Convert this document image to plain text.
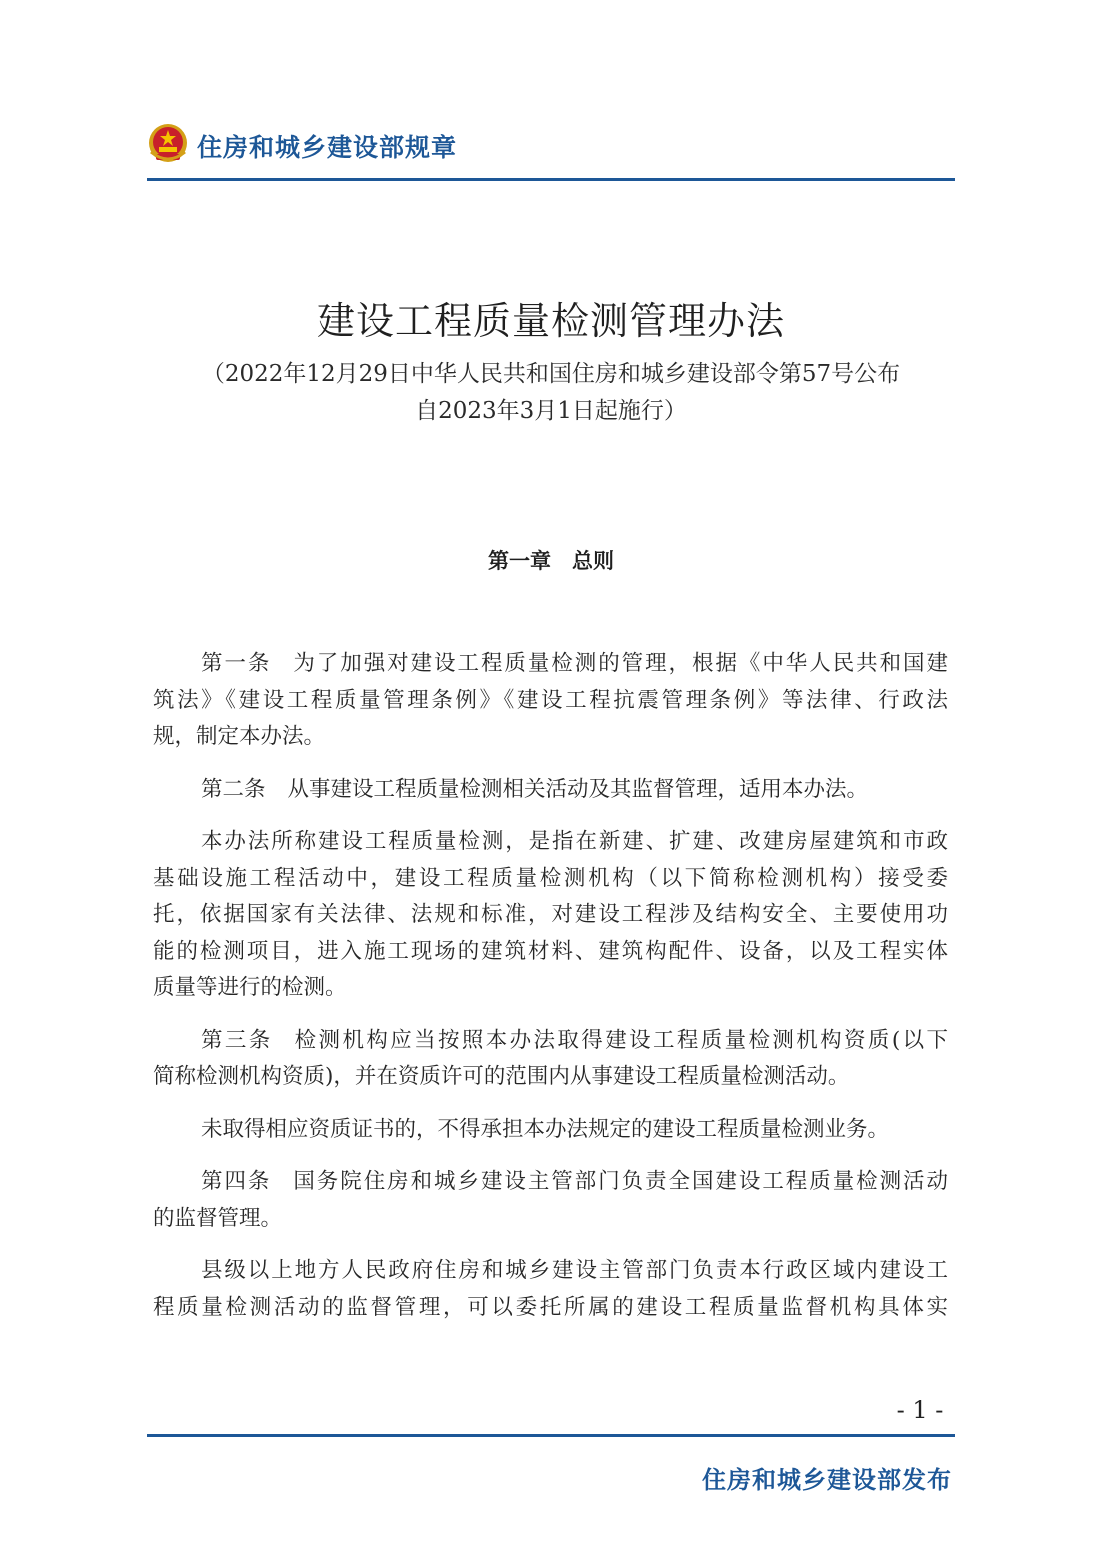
住房和城乡建设部规章
建设工程质量检测管理办法
（2022年12月29日中华人民共和国住房和城乡建设部令第57号公布
自2023年3月1日起施行）
第一章　总则
第一条 为了加强对建设工程质量检测的管理，根据《中华人民共和国建
筑法》《建设工程质量管理条例》《建设工程抗震管理条例》等法律、行政法
规，制定本办法。
第二条 从事建设工程质量检测相关活动及其监督管理，适用本办法。
本办法所称建设工程质量检测，是指在新建、扩建、改建房屋建筑和市政
基础设施工程活动中，建设工程质量检测机构（以下简称检测机构）接受委
托，依据国家有关法律、法规和标准，对建设工程涉及结构安全、主要使用功
能的检测项目，进入施工现场的建筑材料、建筑构配件、设备，以及工程实体
质量等进行的检测。
第三条 检测机构应当按照本办法取得建设工程质量检测机构资质(以下
简称检测机构资质)，并在资质许可的范围内从事建设工程质量检测活动。
未取得相应资质证书的，不得承担本办法规定的建设工程质量检测业务。
第四条 国务院住房和城乡建设主管部门负责全国建设工程质量检测活动
的监督管理。
县级以上地方人民政府住房和城乡建设主管部门负责本行政区域内建设工
程质量检测活动的监督管理，可以委托所属的建设工程质量监督机构具体实
- 1 -
住房和城乡建设部发布
